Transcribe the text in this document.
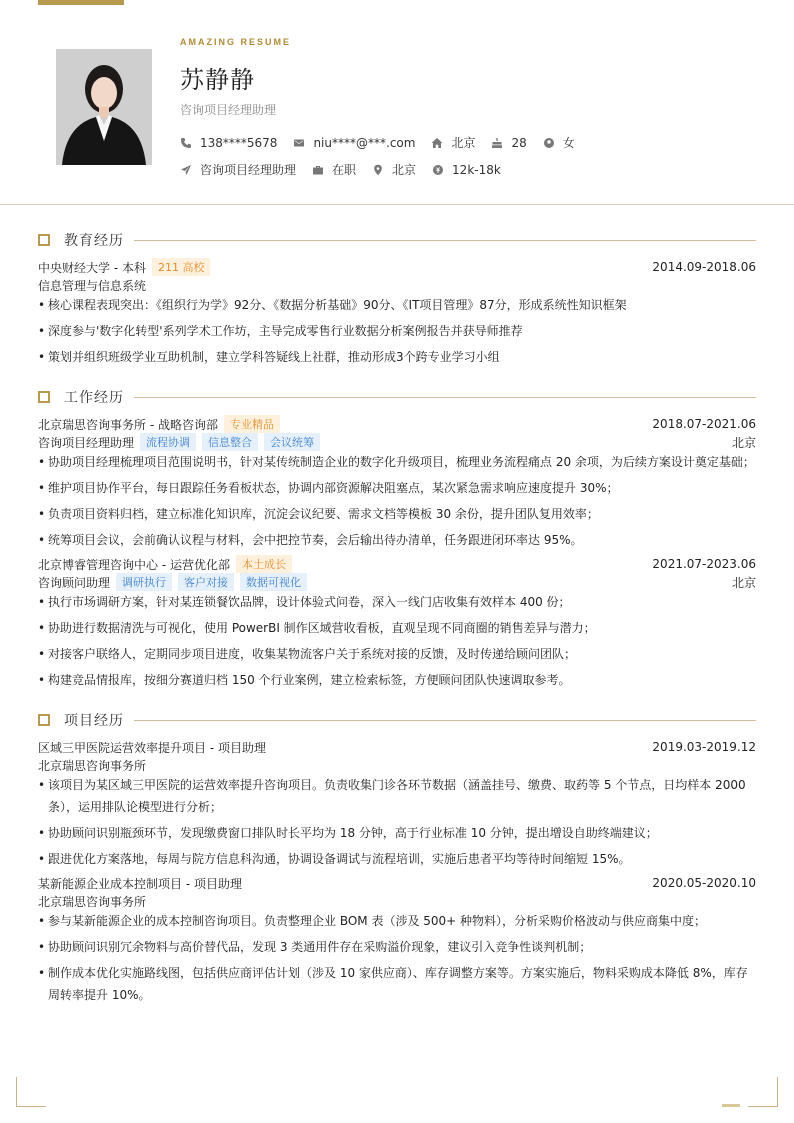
AMAZING RESUME
苏静静
咨询项目经理助理
138****5678	niu****@***.com	北京	28	女
咨询项目经理助理	在职	北京	12k-18k
教育经历
中央财经大学 - 本科	211 高校	2014.09-2018.06
信息管理与信息系统
• 核心课程表现突出：《组织行为学》92分、《数据分析基础》90分、《IT项目管理》87分，形成系统性知识框架
• 深度参与'数字化转型'系列学术工作坊，主导完成零售行业数据分析案例报告并获导师推荐
• 策划并组织班级学业互助机制，建立学科答疑线上社群，推动形成3个跨专业学习小组
工作经历
北京瑞思咨询事务所 - 战略咨询部	专业精品	2018.07-2021.06
咨询项目经理助理	流程协调	信息整合	会议统筹	北京
• 协助项目经理梳理项目范围说明书，针对某传统制造企业的数字化升级项目，梳理业务流程痛点 20 余项，为后续方案设计奠定基础；
• 维护项目协作平台，每日跟踪任务看板状态，协调内部资源解决阻塞点，某次紧急需求响应速度提升 30%；
• 负责项目资料归档，建立标准化知识库，沉淀会议纪要、需求文档等模板 30 余份，提升团队复用效率；
• 统筹项目会议，会前确认议程与材料，会中把控节奏，会后输出待办清单，任务跟进闭环率达 95%。
北京博睿管理咨询中心 - 运营优化部	本土成长	2021.07-2023.06
咨询顾问助理	调研执行	客户对接	数据可视化	北京
• 执行市场调研方案，针对某连锁餐饮品牌，设计体验式问卷，深入一线门店收集有效样本 400 份；
• 协助进行数据清洗与可视化，使用 PowerBI 制作区域营收看板，直观呈现不同商圈的销售差异与潜力；
• 对接客户联络人，定期同步项目进度，收集某物流客户关于系统对接的反馈，及时传递给顾问团队；
• 构建竞品情报库，按细分赛道归档 150 个行业案例，建立检索标签，方便顾问团队快速调取参考。
项目经历
区域三甲医院运营效率提升项目 - 项目助理	2019.03-2019.12
北京瑞思咨询事务所
• 该项目为某区域三甲医院的运营效率提升咨询项目。负责收集门诊各环节数据（涵盖挂号、缴费、取药等 5 个节点，日均样本 2000 条），运用排队论模型进行分析；
• 协助顾问识别瓶颈环节，发现缴费窗口排队时长平均为 18 分钟，高于行业标准 10 分钟，提出增设自助终端建议；
• 跟进优化方案落地，每周与院方信息科沟通，协调设备调试与流程培训，实施后患者平均等待时间缩短 15%。
某新能源企业成本控制项目 - 项目助理	2020.05-2020.10
北京瑞思咨询事务所
• 参与某新能源企业的成本控制咨询项目。负责整理企业 BOM 表（涉及 500+ 种物料），分析采购价格波动与供应商集中度；
• 协助顾问识别冗余物料与高价替代品，发现 3 类通用件存在采购溢价现象，建议引入竞争性谈判机制；
• 制作成本优化实施路线图，包括供应商评估计划（涉及 10 家供应商）、库存调整方案等。方案实施后，物料采购成本降低 8%，库存周转率提升 10%。
